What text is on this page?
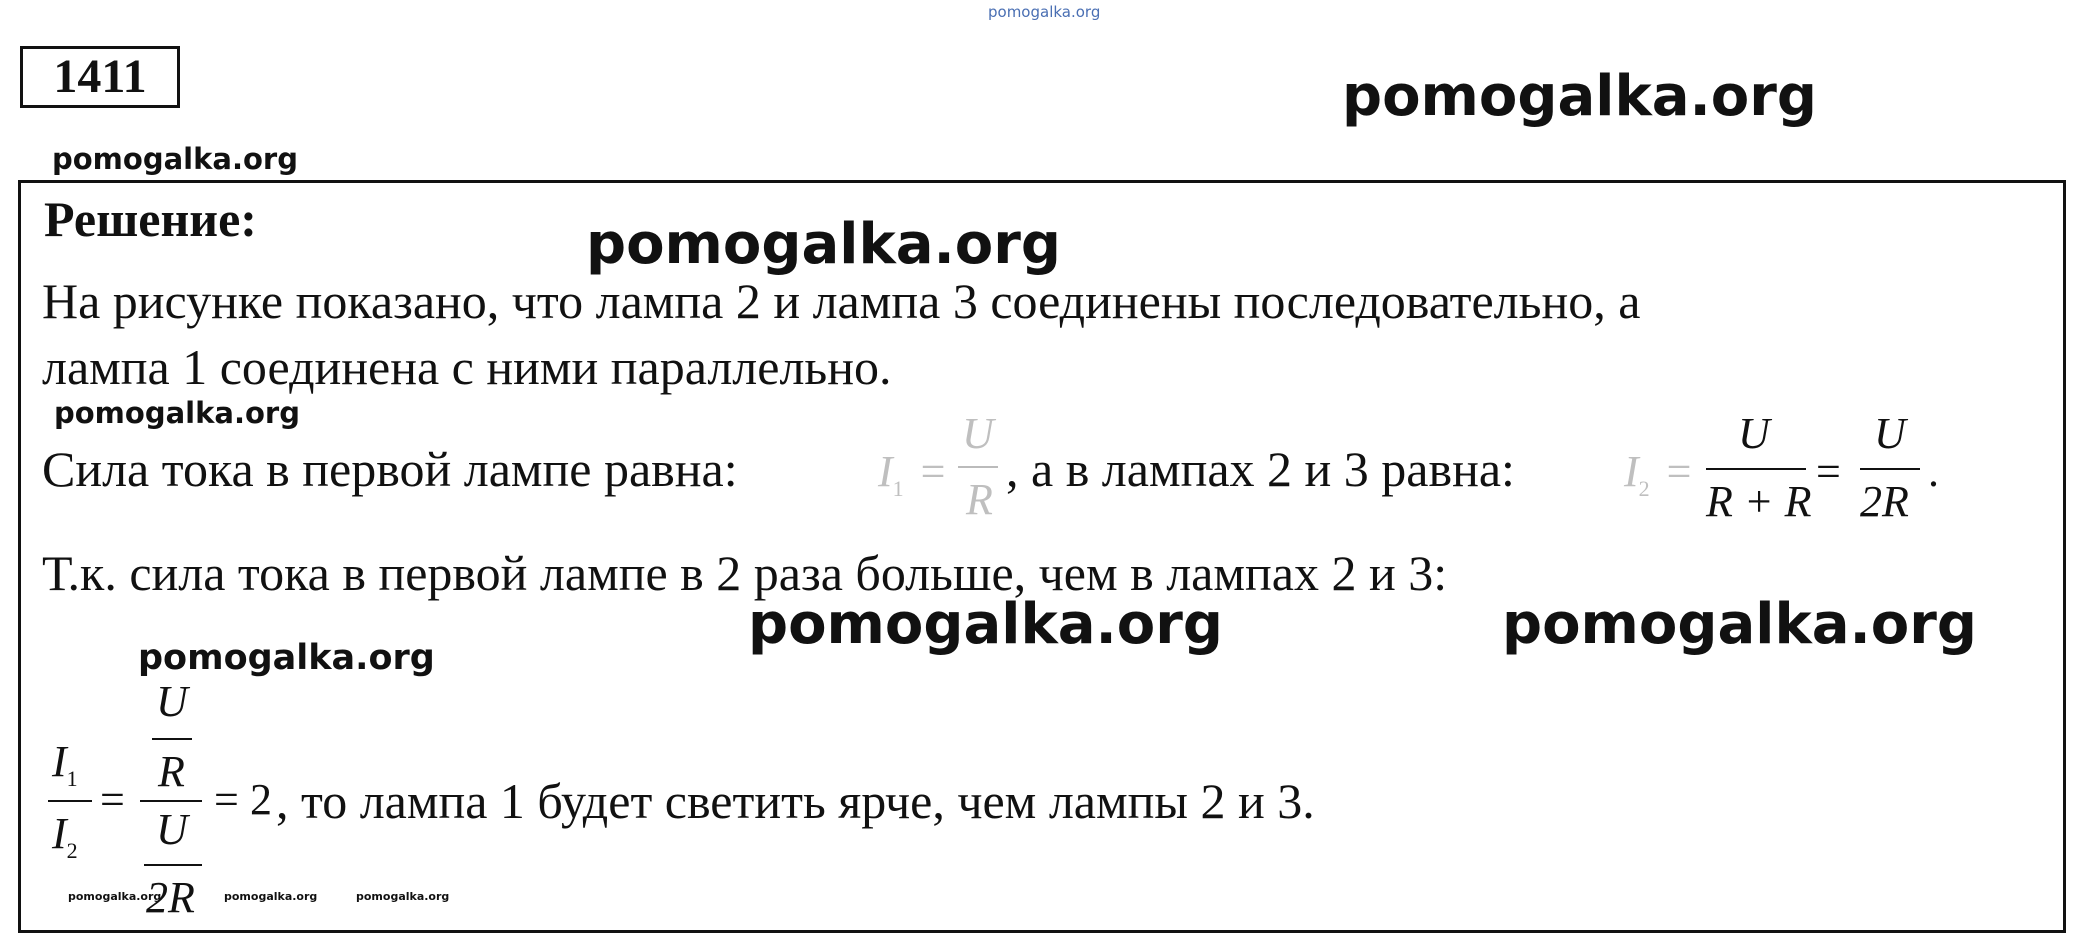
pomogalka.org
pomogalka.org
pomogalka.org
1411
Решение:	pomogalka.org
На рисунке показано, что лампа 2 и лампа 3 соединены последовательно, а
лампа 1 соединена с ними параллельно.
pomogalka.org
Сила тока в первой лампе равна:	$I_1$ =
U
R
, а в лампах 2 и 3 равна: $I_2$ =
U
R + R
=
U
2R
.
Т.к. сила тока в первой лампе в 2 раза больше, чем в лампах 2 и 3:
pomogalka.org	pomogalka.org
pomogalka.org
$I_1$
$I_2$
=
U
R
U
2R
= 2 , то лампа 1 будет светить ярче, чем лампы 2 и 3.
pomogalka.org	pomogalka.org	pomogalka.org
